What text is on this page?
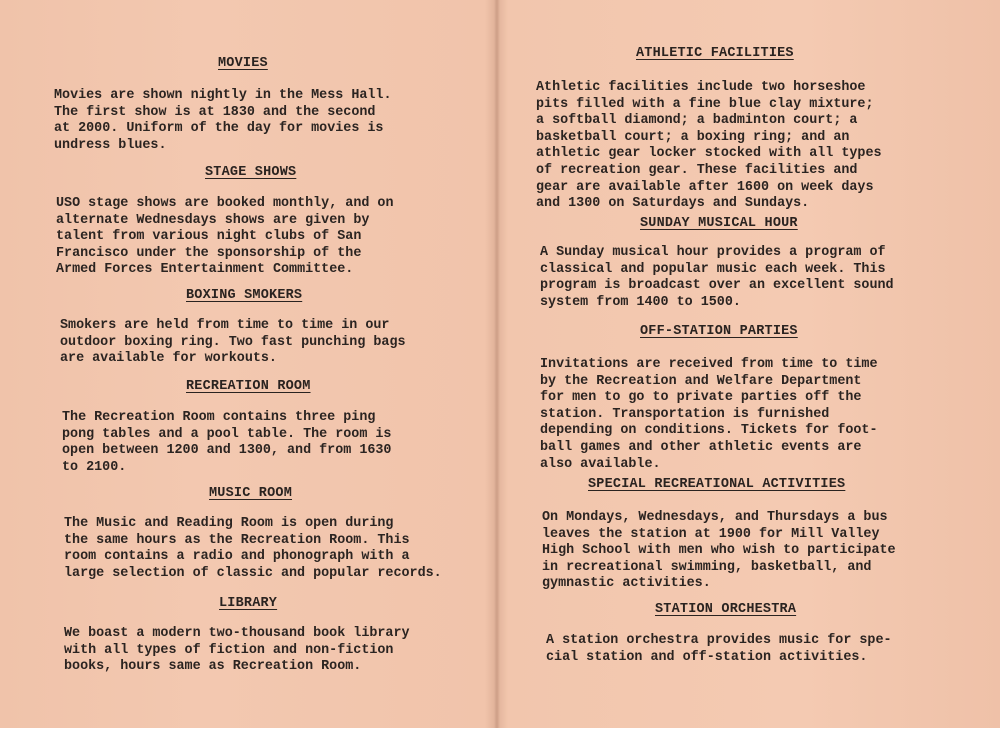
MOVIES
Movies are shown nightly in the Mess Hall.
The first show is at 1830 and the second
at 2000. Uniform of the day for movies is
undress blues.
STAGE SHOWS
USO stage shows are booked monthly, and on
alternate Wednesdays shows are given by
talent from various night clubs of San
Francisco under the sponsorship of the
Armed Forces Entertainment Committee.
BOXING SMOKERS
Smokers are held from time to time in our
outdoor boxing ring. Two fast punching bags
are available for workouts.
RECREATION ROOM
The Recreation Room contains three ping
pong tables and a pool table. The room is
open between 1200 and 1300, and from 1630
to 2100.
MUSIC ROOM
The Music and Reading Room is open during
the same hours as the Recreation Room. This
room contains a radio and phonograph with a
large selection of classic and popular records.
LIBRARY
We boast a modern two-thousand book library
with all types of fiction and non-fiction
books, hours same as Recreation Room.
ATHLETIC FACILITIES
Athletic facilities include two horseshoe
pits filled with a fine blue clay mixture;
a softball diamond; a badminton court; a
basketball court; a boxing ring; and an
athletic gear locker stocked with all types
of recreation gear. These facilities and
gear are available after 1600 on week days
and 1300 on Saturdays and Sundays.
SUNDAY MUSICAL HOUR
A Sunday musical hour provides a program of
classical and popular music each week. This
program is broadcast over an excellent sound
system from 1400 to 1500.
OFF-STATION PARTIES
Invitations are received from time to time
by the Recreation and Welfare Department
for men to go to private parties off the
station. Transportation is furnished
depending on conditions. Tickets for foot-
ball games and other athletic events are
also available.
SPECIAL RECREATIONAL ACTIVITIES
On Mondays, Wednesdays, and Thursdays a bus
leaves the station at 1900 for Mill Valley
High School with men who wish to participate
in recreational swimming, basketball, and
gymnastic activities.
STATION ORCHESTRA
A station orchestra provides music for spe-
cial station and off-station activities.
